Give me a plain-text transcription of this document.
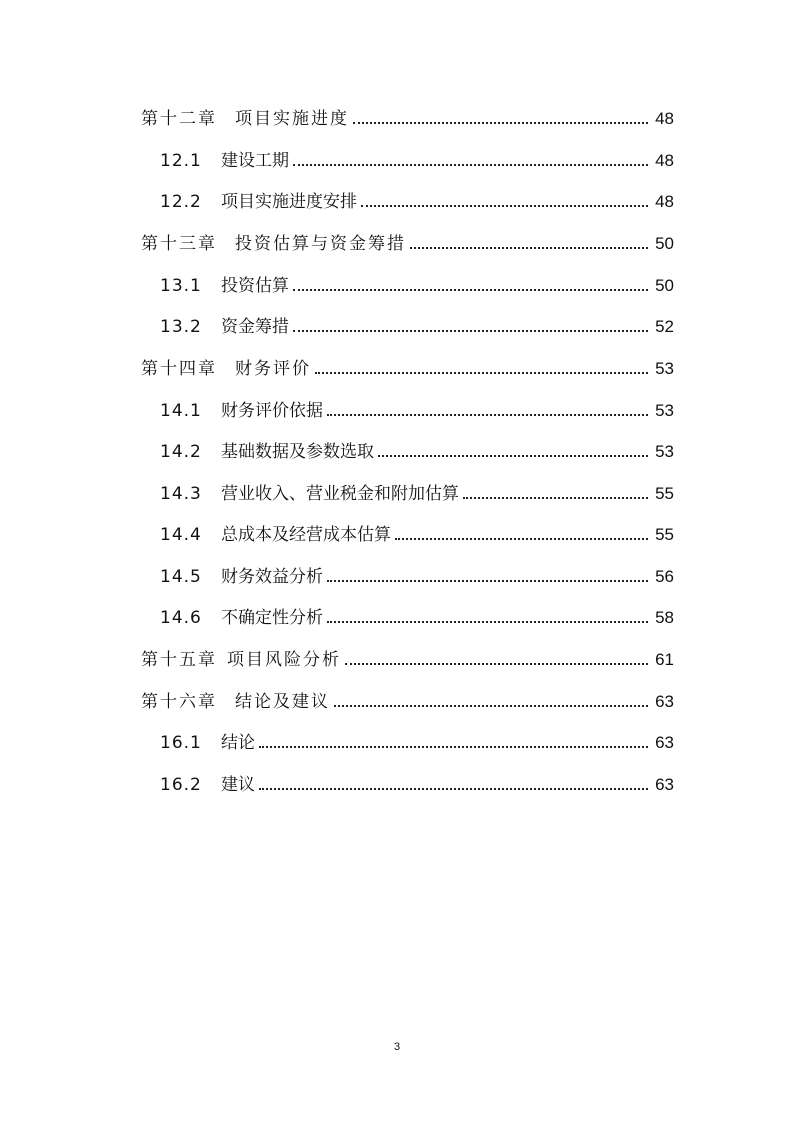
第十二章 项目实施进度	48
12.1	建设工期	48
12.2	项目实施进度安排	48
第十三章 投资估算与资金筹措	50
13.1	投资估算	50
13.2	资金筹措	52
第十四章 财务评价	53
14.1	财务评价依据	53
14.2	基础数据及参数选取	53
14.3	营业收入、营业税金和附加估算	55
14.4	总成本及经营成本估算	55
14.5	财务效益分析	56
14.6	不确定性分析	58
第十五章 项目风险分析	61
第十六章 结论及建议	63
16.1	结论	63
16.2	建议	63
3
